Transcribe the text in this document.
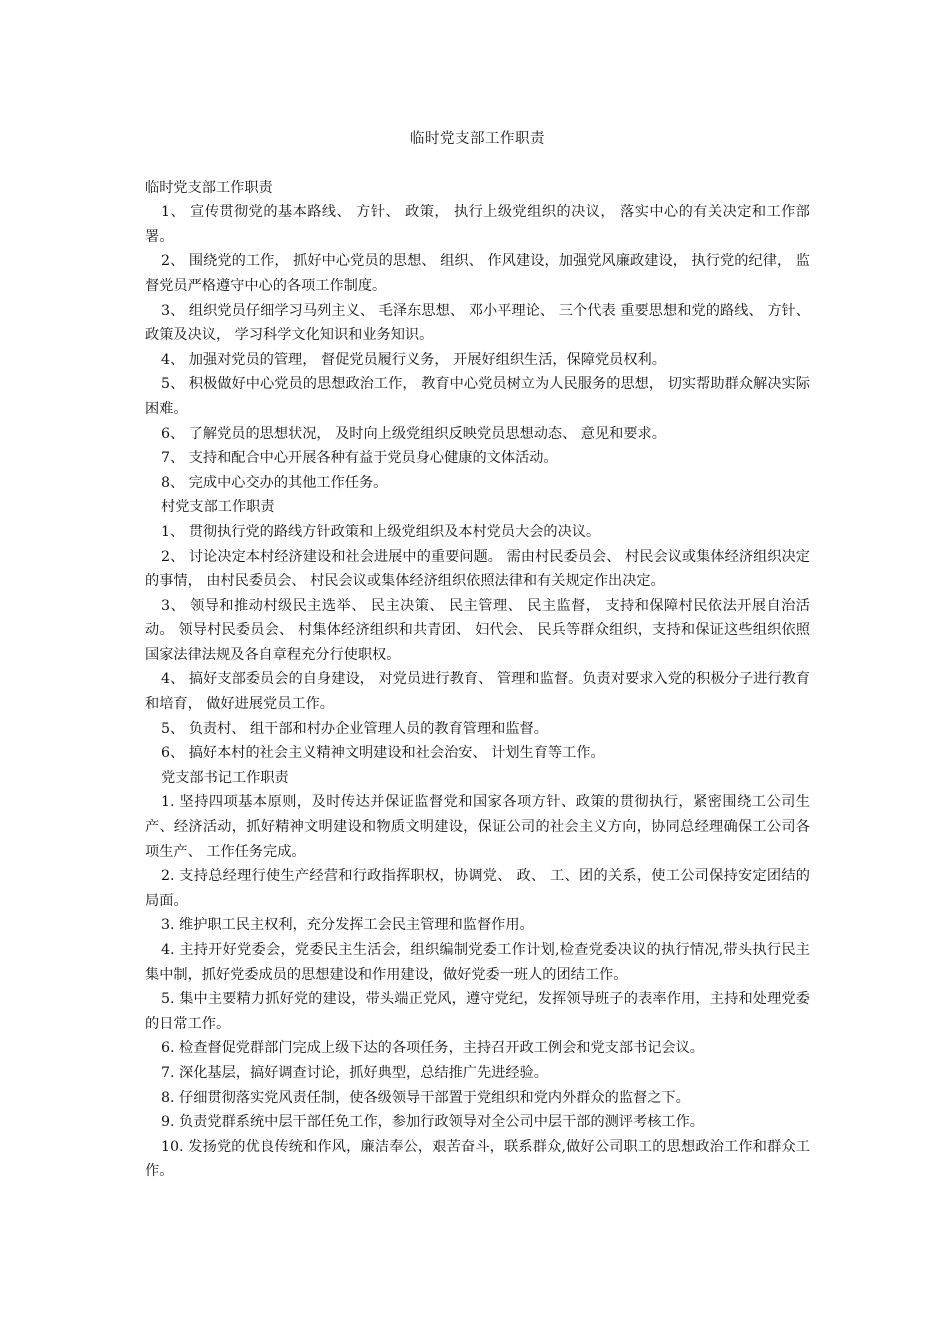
临时党支部工作职责
临时党支部工作职责
1、 宣传贯彻党的基本路线、 方针、 政策， 执行上级党组织的决议， 落实中心的有关决定和工作部署。
2、 围绕党的工作， 抓好中心党员的思想、 组织、 作风建设，加强党风廉政建设， 执行党的纪律， 监督党员严格遵守中心的各项工作制度。
3、 组织党员仔细学习马列主义、 毛泽东思想、 邓小平理论、 三个代表 重要思想和党的路线、 方针、 政策及决议， 学习科学文化知识和业务知识。
4、 加强对党员的管理， 督促党员履行义务， 开展好组织生活，保障党员权利。
5、 积极做好中心党员的思想政治工作， 教育中心党员树立为人民服务的思想， 切实帮助群众解决实际困难。
6、 了解党员的思想状况， 及时向上级党组织反映党员思想动态、 意见和要求。
7、 支持和配合中心开展各种有益于党员身心健康的文体活动。
8、 完成中心交办的其他工作任务。
村党支部工作职责
1、 贯彻执行党的路线方针政策和上级党组织及本村党员大会的决议。
2、 讨论决定本村经济建设和社会进展中的重要问题。 需由村民委员会、 村民会议或集体经济组织决定的事情， 由村民委员会、 村民会议或集体经济组织依照法律和有关规定作出决定。
3、 领导和推动村级民主选举、 民主决策、 民主管理、 民主监督， 支持和保障村民依法开展自治活动。 领导村民委员会、 村集体经济组织和共青团、 妇代会、 民兵等群众组织，支持和保证这些组织依照国家法律法规及各自章程充分行使职权。
4、 搞好支部委员会的自身建设， 对党员进行教育、 管理和监督。负责对要求入党的积极分子进行教育和培育， 做好进展党员工作。
5、 负责村、 组干部和村办企业管理人员的教育管理和监督。
6、 搞好本村的社会主义精神文明建设和社会治安、 计划生育等工作。
党支部书记工作职责
1. 坚持四项基本原则，及时传达并保证监督党和国家各项方针、政策的贯彻执行，紧密围绕工公司生产、经济活动，抓好精神文明建设和物质文明建设，保证公司的社会主义方向，协同总经理确保工公司各项生产、 工作任务完成。
2. 支持总经理行使生产经营和行政指挥职权，协调党、 政、 工、团的关系，使工公司保持安定团结的局面。
3. 维护职工民主权利，充分发挥工会民主管理和监督作用。
4. 主持开好党委会，党委民主生活会，组织编制党委工作计划,检查党委决议的执行情况,带头执行民主集中制，抓好党委成员的思想建设和作用建设，做好党委一班人的团结工作。
5. 集中主要精力抓好党的建设，带头端正党风，遵守党纪，发挥领导班子的表率作用，主持和处理党委的日常工作。
6. 检查督促党群部门完成上级下达的各项任务，主持召开政工例会和党支部书记会议。
7. 深化基层，搞好调查讨论，抓好典型，总结推广先进经验。
8. 仔细贯彻落实党风责任制，使各级领导干部置于党组织和党内外群众的监督之下。
9. 负责党群系统中层干部任免工作，参加行政领导对全公司中层干部的测评考核工作。
10. 发扬党的优良传统和作风，廉洁奉公，艰苦奋斗，联系群众,做好公司职工的思想政治工作和群众工作。
